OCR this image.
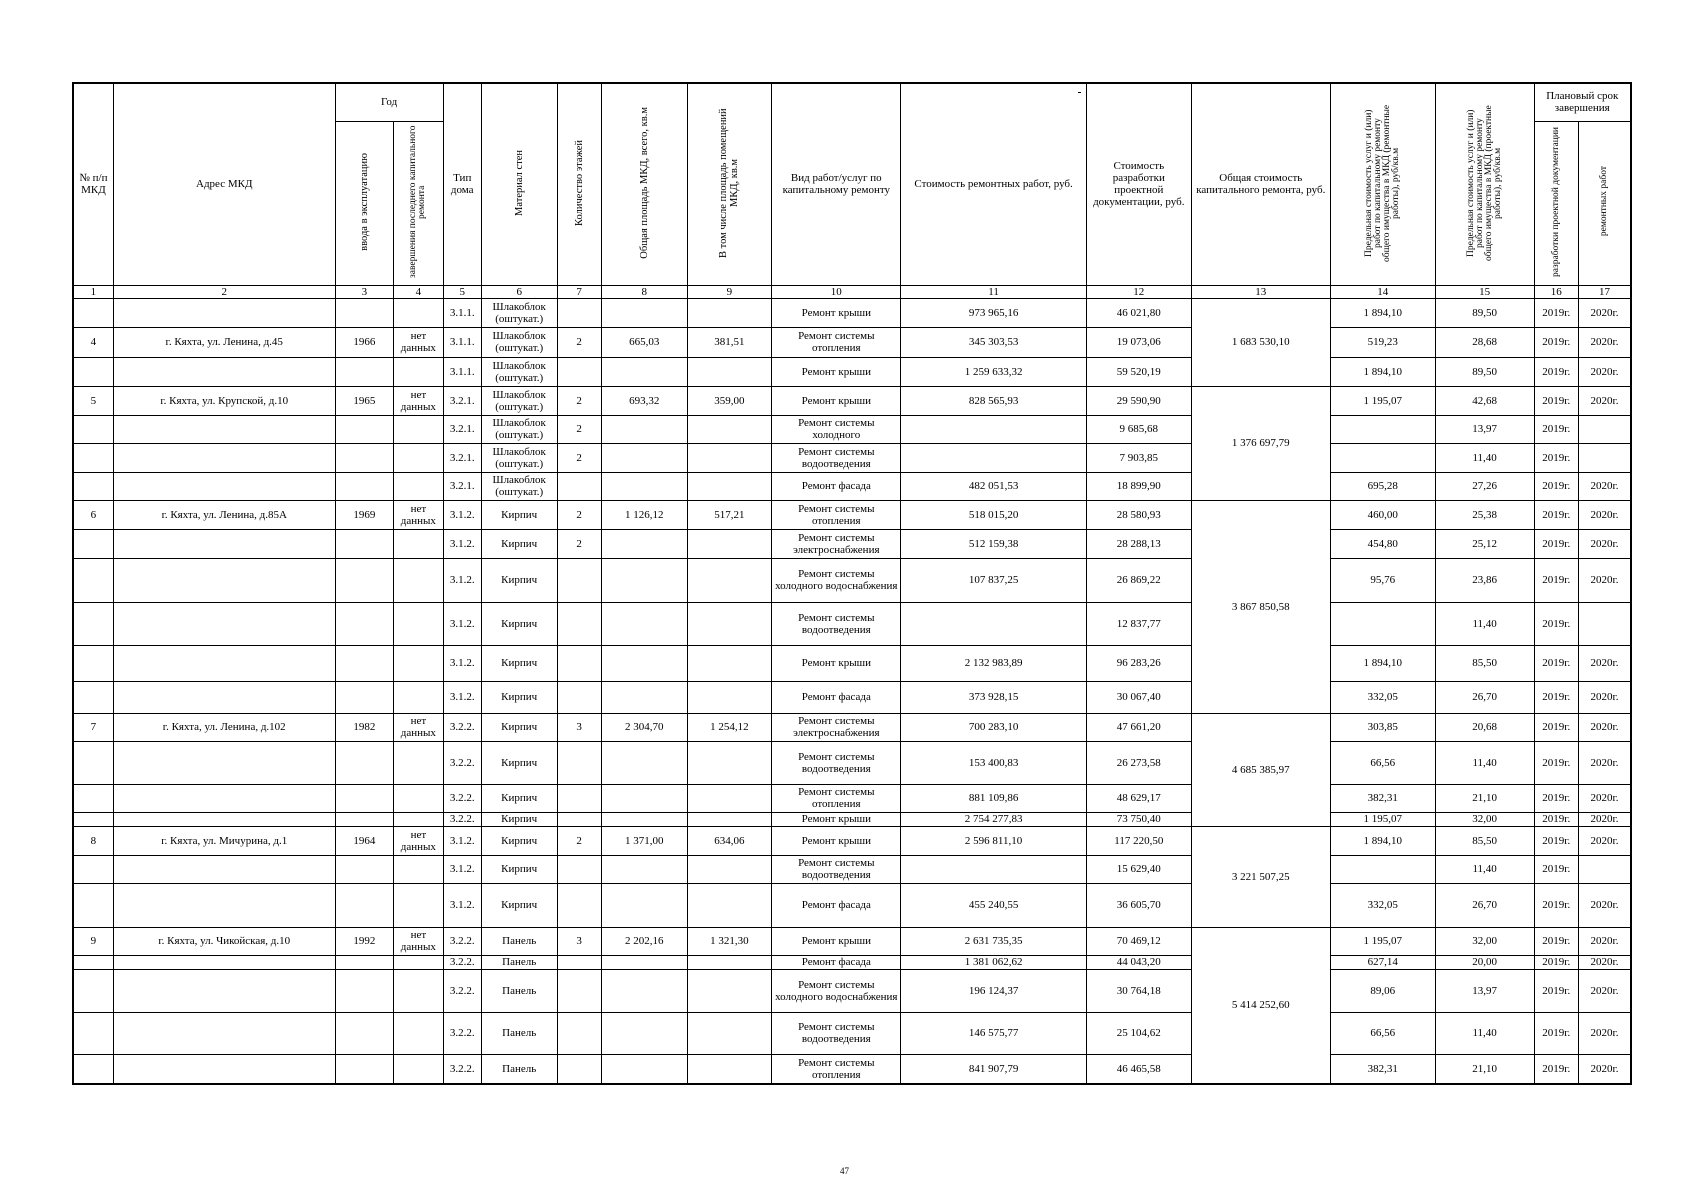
№ п/п МКД	Адрес МКД	Год		Тип дома	Материал стен	Количество этажей	Общая площадь МКД, всего, кв.м	В том числе площадь помещений МКД, кв.м	Вид работ/услуг по капитальному ремонту	Стоимость ремонтных работ, руб.	Стоимость разработки проектной документации, руб.	Общая стоимость капитального ремонта, руб.	Предельная стоимость услуг и (или) работ по капитальному ремонту общего имущества в МКД (ремонтные работы), руб/кв.м	Предельная стоимость услуг и (или) работ по капитальному ремонту общего имущества в МКД (проектные работы), руб/кв.м	Плановый срок завершения	
		ввода в эксплуатацию	завершения последнего капитального ремонта												разработки проектной документации	ремонтных работ
1	2	3	4	5	6	7	8	9	10	11	12	13	14	15	16	17
				3.1.1.	Шлакоблок (оштукат.)				Ремонт крыши	973 965,16	46 021,80	1 683 530,10	1 894,10	89,50	2019г.	2020г.
4	г. Кяхта, ул. Ленина, д.45	1966	нет данных	3.1.1.	Шлакоблок (оштукат.)	2	665,03	381,51	Ремонт системы отопления	345 303,53	19 073,06		519,23	28,68	2019г.	2020г.
				3.1.1.	Шлакоблок (оштукат.)				Ремонт крыши	1 259 633,32	59 520,19		1 894,10	89,50	2019г.	2020г.
5	г. Кяхта, ул. Крупской, д.10	1965	нет данных	3.2.1.	Шлакоблок (оштукат.)	2	693,32	359,00	Ремонт крыши	828 565,93	29 590,90	1 376 697,79	1 195,07	42,68	2019г.	2020г.
				3.2.1.	Шлакоблок (оштукат.)	2			Ремонт системы холодного		9 685,68			13,97	2019г.	
				3.2.1.	Шлакоблок (оштукат.)	2			Ремонт системы водоотведения		7 903,85			11,40	2019г.	
				3.2.1.	Шлакоблок (оштукат.)				Ремонт фасада	482 051,53	18 899,90		695,28	27,26	2019г.	2020г.
6	г. Кяхта, ул. Ленина, д.85А	1969	нет данных	3.1.2.	Кирпич	2	1 126,12	517,21	Ремонт системы отопления	518 015,20	28 580,93	3 867 850,58	460,00	25,38	2019г.	2020г.
				3.1.2.	Кирпич	2			Ремонт системы электроснабжения	512 159,38	28 288,13		454,80	25,12	2019г.	2020г.
				3.1.2.	Кирпич				Ремонт системы холодного водоснабжения	107 837,25	26 869,22		95,76	23,86	2019г.	2020г.
				3.1.2.	Кирпич				Ремонт системы водоотведения		12 837,77			11,40	2019г.	
				3.1.2.	Кирпич				Ремонт крыши	2 132 983,89	96 283,26		1 894,10	85,50	2019г.	2020г.
				3.1.2.	Кирпич				Ремонт фасада	373 928,15	30 067,40		332,05	26,70	2019г.	2020г.
7	г. Кяхта, ул. Ленина, д.102	1982	нет данных	3.2.2.	Кирпич	3	2 304,70	1 254,12	Ремонт системы электроснабжения	700 283,10	47 661,20	4 685 385,97	303,85	20,68	2019г.	2020г.
				3.2.2.	Кирпич				Ремонт системы водоотведения	153 400,83	26 273,58		66,56	11,40	2019г.	2020г.
				3.2.2.	Кирпич				Ремонт системы отопления	881 109,86	48 629,17		382,31	21,10	2019г.	2020г.
				3.2.2.	Кирпич				Ремонт крыши	2 754 277,83	73 750,40		1 195,07	32,00	2019г.	2020г.
8	г. Кяхта, ул. Мичурина, д.1	1964	нет данных	3.1.2.	Кирпич	2	1 371,00	634,06	Ремонт крыши	2 596 811,10	117 220,50	3 221 507,25	1 894,10	85,50	2019г.	2020г.
				3.1.2.	Кирпич				Ремонт системы водоотведения		15 629,40			11,40	2019г.	
				3.1.2.	Кирпич				Ремонт фасада	455 240,55	36 605,70		332,05	26,70	2019г.	2020г.
9	г. Кяхта, ул. Чикойская, д.10	1992	нет данных	3.2.2.	Панель	3	2 202,16	1 321,30	Ремонт крыши	2 631 735,35	70 469,12	5 414 252,60	1 195,07	32,00	2019г.	2020г.
				3.2.2.	Панель				Ремонт фасада	1 381 062,62	44 043,20		627,14	20,00	2019г.	2020г.
				3.2.2.	Панель				Ремонт системы холодного водоснабжения	196 124,37	30 764,18		89,06	13,97	2019г.	2020г.
				3.2.2.	Панель				Ремонт системы водоотведения	146 575,77	25 104,62		66,56	11,40	2019г.	2020г.
				3.2.2.	Панель				Ремонт системы отопления	841 907,79	46 465,58		382,31	21,10	2019г.	2020г.
47
